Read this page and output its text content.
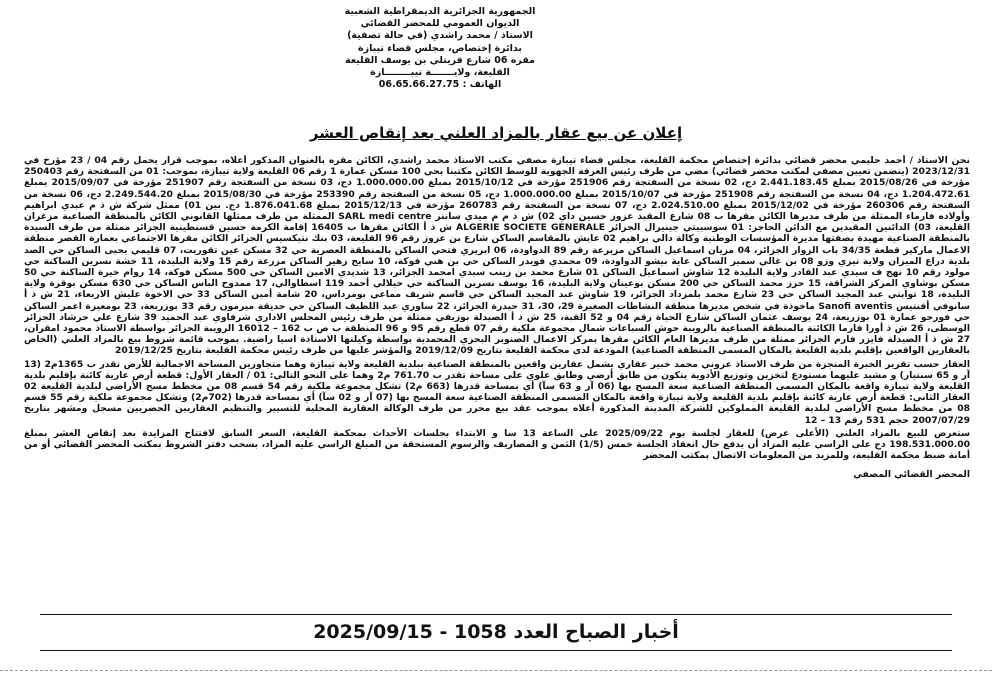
الجمهورية الجزائرية الديمقراطية الشعبية
الديوان العمومي للمحضر القضائي
الاستاذ / محمد راشدي (في حالة تصفية)
بدائرة إختصاص، مجلس قضاء تيبازة
مقره 06 شارع قريتلي بن يوسف القليعة
القليعة، ولايـــــــة تيبــــــــازة
الهاتف : 06.65.66.27.75
إعلان عن بيع عقار بالمزاد العلني بعد إنقاص العشر

نحن الاستاذ / أحمد حليمي محضر قضائي بدائرة إختصاص محكمة القليعة، مجلس قضاء تيبازة مصفي مكتب الاستاذ محمد راشدي، الكائن مقره بالعنوان المذكور أعلاه، بموجب قرار يحمل رقم 04 / 23 مؤرخ في 2023/12/31 (يتضمن تعيين مصفي لمكتب محضر قضائي) مضي من طرف رئيس الغرفة الجهوية للوسط الكائن مكتبنا بحي 100 مسكن عمارة 1 رقم 06 القليعة ولاية تيبازة، بموجب: 01 من السفتجة رقم 250403 مؤرخة في 2015/08/26 بمبلغ 2.441.183.45 دج، 02 نسخة من السفتجة رقم 251906 مؤرخة في 2015/10/12 بمبلغ 1.000.000.00 دج، 03 نسخة من السفتجة رقم 251907 مؤرخة في 2015/09/07 بمبلغ 1.204.472.61 دج، 04 نسخة من السفتجة رقم 251908 مؤرخة في 2015/10/07 بمبلغ 1.000.000.00 دج، 05 نسخة من السفتجة رقم 253390 مؤرخة في 2015/08/30 بمبلغ 2.249.544.20 دج، 06 نسخة من السفتجة رقم 260306 مؤرخة في 2015/12/02 بمبلغ 2.024.510.00 دج، 07 نسخة من السفتجة رقم 260783 مؤرخة في 2015/12/13 بمبلغ 1.876.041.68 دج. بين 01) ممثل شركة ش ذ م عبدي ابراهيم وأولاده فارماء الممثلة من طرف مديرها الكائن مقرها ب 08 شارع المقيد عزوز حسين داي 02) ش ذ م م ميدي سانتر SARL medi centre الممثلة من طرف ممثلها القانوني الكائن بالمنطقة الصناعية مزغران القليعة، 03) الدائنين المقيدين مع الدائن الحاجز: 01 سوسييتي جينيرال الجزائر ALGERIE SOCIETE GENERALE ش ذ أ الكائن مقرها ب 16405 إقامة الكرمة حسين قسنطينية الجزائر ممثلة من طرف السيدة بالمنطقة الصناعية مهيدة بصفتها مديرة المؤسسات الوطنية وكالة دالي براهيم 02 عايش بالمقاسم الساكن شارع بن عزوز رقم 96 القليعة، 03 بنك نتيكسيس الجزائر الكائن مقرها الاجتماعي بعمارة القصر منطقة الاعمال ماركير قطعة 34/35 باب الزوار الجزائر، 04 مزيان اسماعيل الساكن مزيرعة رقم 89 الدواودة، 06 ابريري فتحي الساكن بالمنطقة العصرية حي 32 مسكن عين تقوريت، 07 قليمي يحيى الساكن حي الصد بلدية دراع الميزان ولاية تيزي وزو 08 بن غالي سمير الساكن عاية بيشو الدواودة، 09 محمدي فويدر الساكن حي بن هني فوكة، 10 سايح زهير الساكن مزرعة رقم 15 ولاية البليدة، 11 خشة نسرين الساكنة حي مولود رقم 10 نهج ف سيدي عبد القادر ولاية البليدة 12 شاوش اسماعيل الساكن 01 شارع محمد بن زينب سيدي امحمد الجزائر، 13 شديدي الامين الساكن حي 500 مسكن فوكة، 14 روام خيرة الساكنة حي 50 مسكن بوشاوي المركز الشراقة، 15 حرز محمد الساكن حي 200 مسكن بوعينان ولاية البليدة، 16 يوسف نسرين الساكنة حي حيلالي أحمد 119 اسطاوالي، 17 ممدوح الباس الساكن حي 630 مسكن بوقرة ولاية البليدة، 18 توابتي عبد المجيد الساكن حي 23 شارع محمد بلمزداد الجزائر، 19 شاوش عبد المجيد الساكن حي قاسم شريف مماعي بومرداس، 20 شامة أمين الساكن 33 حي الاخوة عليش الاربعاء، 21 ش ذ أ سانوفي أفنتيس Sanofi aventis ماخوذة في شخص مديرها منطقة النشاطات الصغيرة 29، 30، 31 حيدرة الجزائر، 22 ساوري عبد اللطيف الساكن حي حديقة ميرمون رقم 33 بوزريعة، 23 بومعيزة اعمر الساكن حي فورجو عمارة 01 بوزريعة، 24 يوسف عثمان الساكن شارع الحياة رقم 04 و 52 القبة، 25 ش ذ أ الصيدلة بوزيفي ممثلة من طرف رئيس المجلس الاداري شرفاوي عبد الحميد 39 شارع علي حرشاد الجزائر الوسطى، 26 ش ذ أورا فارما الكائنة بالمنطقة الصناعية بالرويبة حوش السباعات شمال مجموعة ملكية رقم 07 قطع رقم 95 و 96 المنطقة ب ص ب 162 – 16012 الرويبة الجزائر بواسطة الاستاذ محمود امقران، 27 ش ذ أ الصيدلة فايزر فارم الجزائر ممثلة من طرف مديرها العام الكائن مقرها بمركز الاعمال الصنوبر البحري المحمدية بواسطة وكيلتها الاستاذة اسيا راضية. بموجب قائمة شروط بيع بالمزاد العلني (الخاص بالعقارين الواقعين بإقليم بلدية القليعة بالمكان المسمى المنطقة الصناعية) المودعة لدى محكمة القليعة بتاريخ 2019/12/09 والمؤشر عليها من طرف رئيس محكمة القليعة بتاريخ 2019/12/25

العقار حسب تقرير الخبرة المنجزة من طرف الاستاذ عزوني محمد خبير عقاري يشمل عقارين واقعين بالمنطقة الصناعية ببلدية القليعة ولاية تيبازة وهما متجاورين المساحة الاجمالية للأرض تقدر ب 1365م2 (13 آر و 65 سنتيار) و مشيد عليهما مستودع لتخزين وتوزيع الأدوية يتكون من طابق أرضي وطابق علوي على مساحة تقدر ب 761.70 م2 وهما على النحو التالي: 01 / العقار الأول: قطعة أرض عارية كائنة بإقليم بلدية القليعة ولاية تيبازة واقعة بالمكان المسمى المنطقة الصناعية سعة المسح بها (06 آر و 63 سآ) أي بمساحة قدرها (663 م2) تشكل مجموعة ملكية رقم 54 قسم 08 من مخطط مسح الأراضي لبلدية القليعة 02 العقار الثاني: قطعة أرض عارية كائنة بإقليم بلدية القليعة ولاية تيبازة واقعة بالمكان المسمى المنطقة الصناعية سعة المسح بها (07 آر و 02 سآ) أي بمساحة قدرها (702م2) وتشكل مجموعة ملكية رقم 55 قسم 08 من مخطط مسح الأراضي لبلدية القليعة المملوكين للشركة المدينة المذكورة أعلاه بموجب عقد بيع محرر من طرف الوكالة العقارية المحلية للتسيير والتنظيم العقاريين الحضريين مسجل ومشهر بتاريخ 2007/07/29 حجم 531 رقم 13 – 12

ستعرض للبيع بالمزاد العلني (الأعلى عرض) للعقار لجلسة يوم 2025/09/22 على الساعة 13 سا و الابتداء بجلسات الأحداث بمحكمة القليعة، السعر السابق لافتتاح المزايدة بعد إنقاص العشر بمبلغ 198.531.000.00 دج على الراسي عليه المزاد أن يدفع حال انعقاد الجلسة خمس (1/5) الثمن و المصاريف والرسوم المستحقة من المبلغ الراسي عليه المزاد، بسحب دفتر الشروط بمكتب المحضر القضائي أو من أمانة ضبط محكمة القليعة، وللمزيد من المعلومات الاتصال بمكتب المحضر

المحضر القضائي المصفي

أخبار الصباح العدد 1058 - 2025/09/15
